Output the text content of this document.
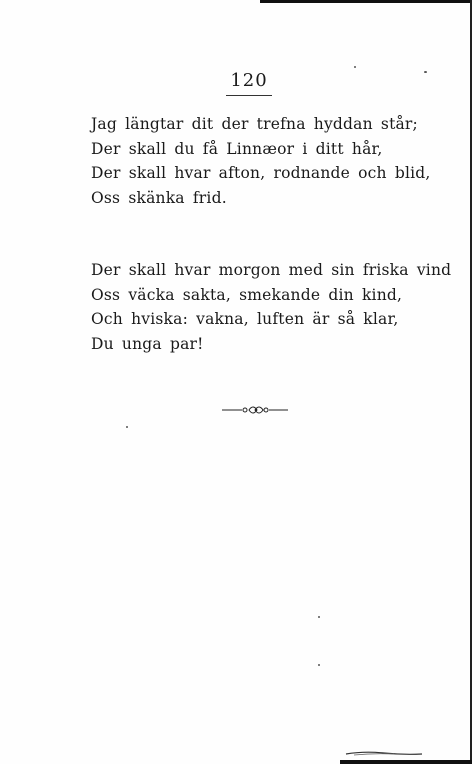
120
Jag längtar dit der trefna hyddan står;
Der skall du få Linnæor i ditt hår,
Der skall hvar afton, rodnande och blid,
Oss skänka frid.
Der skall hvar morgon med sin friska vind
Oss väcka sakta, smekande din kind,
Och hviska: vakna, luften är så klar,
Du unga par!
